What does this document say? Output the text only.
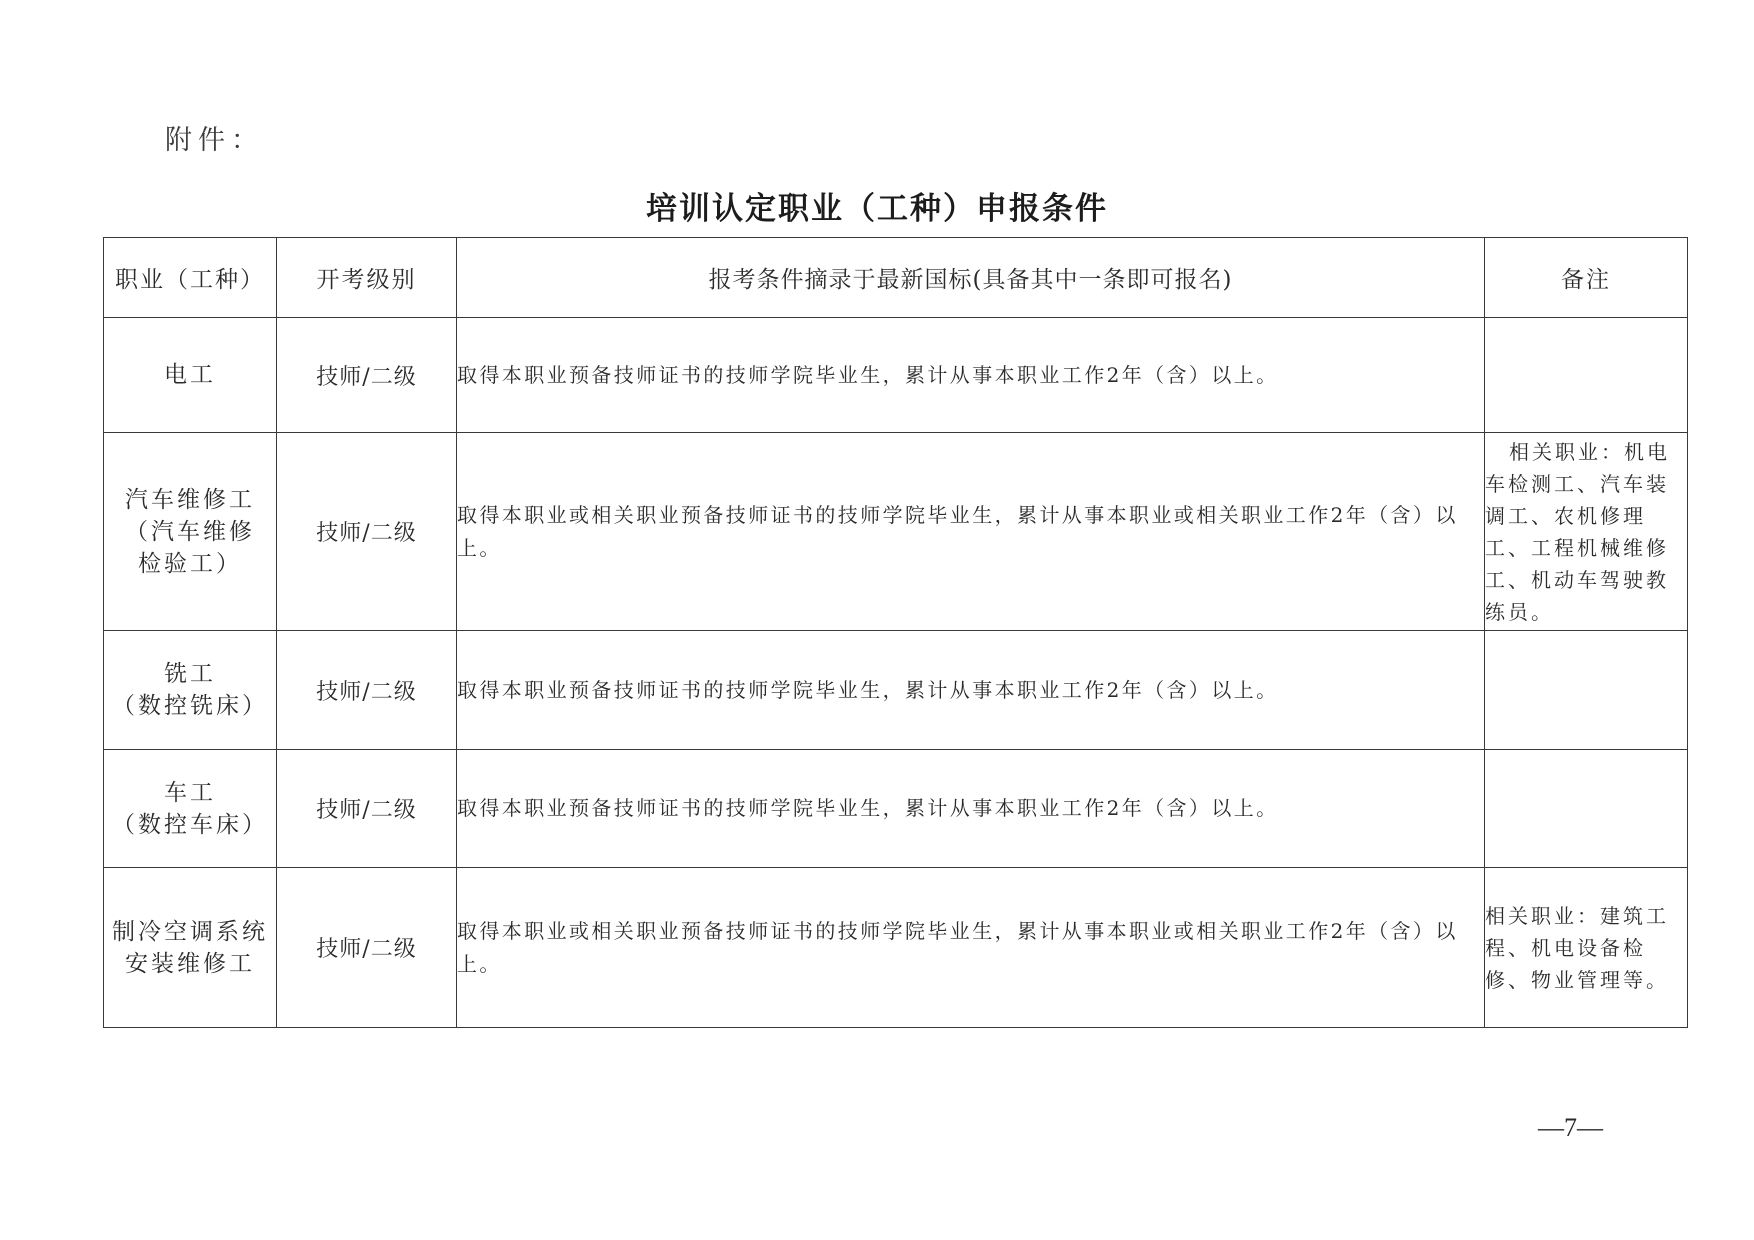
附件：
培训认定职业（工种）申报条件
职业（工种）	开考级别	报考条件摘录于最新国标(具备其中一条即可报名)	备注

电工	技师/二级	取得本职业预备技师证书的技师学院毕业生，累计从事本职业工作2年（含）以上。	

汽车维修工
（汽车维修
检验工）	技师/二级	取得本职业或相关职业预备技师证书的技师学院毕业生，累计从事本职业或相关职业工作2年（含）以上。	相关职业：机电车检测工、汽车装调工、农机修理工、工程机械维修工、机动车驾驶教练员。

铣工
（数控铣床）	技师/二级	取得本职业预备技师证书的技师学院毕业生，累计从事本职业工作2年（含）以上。	

车工
（数控车床）	技师/二级	取得本职业预备技师证书的技师学院毕业生，累计从事本职业工作2年（含）以上。	

制冷空调系统
安装维修工	技师/二级	取得本职业或相关职业预备技师证书的技师学院毕业生，累计从事本职业或相关职业工作2年（含）以上。	相关职业：建筑工程、机电设备检修、物业管理等。
—7—
